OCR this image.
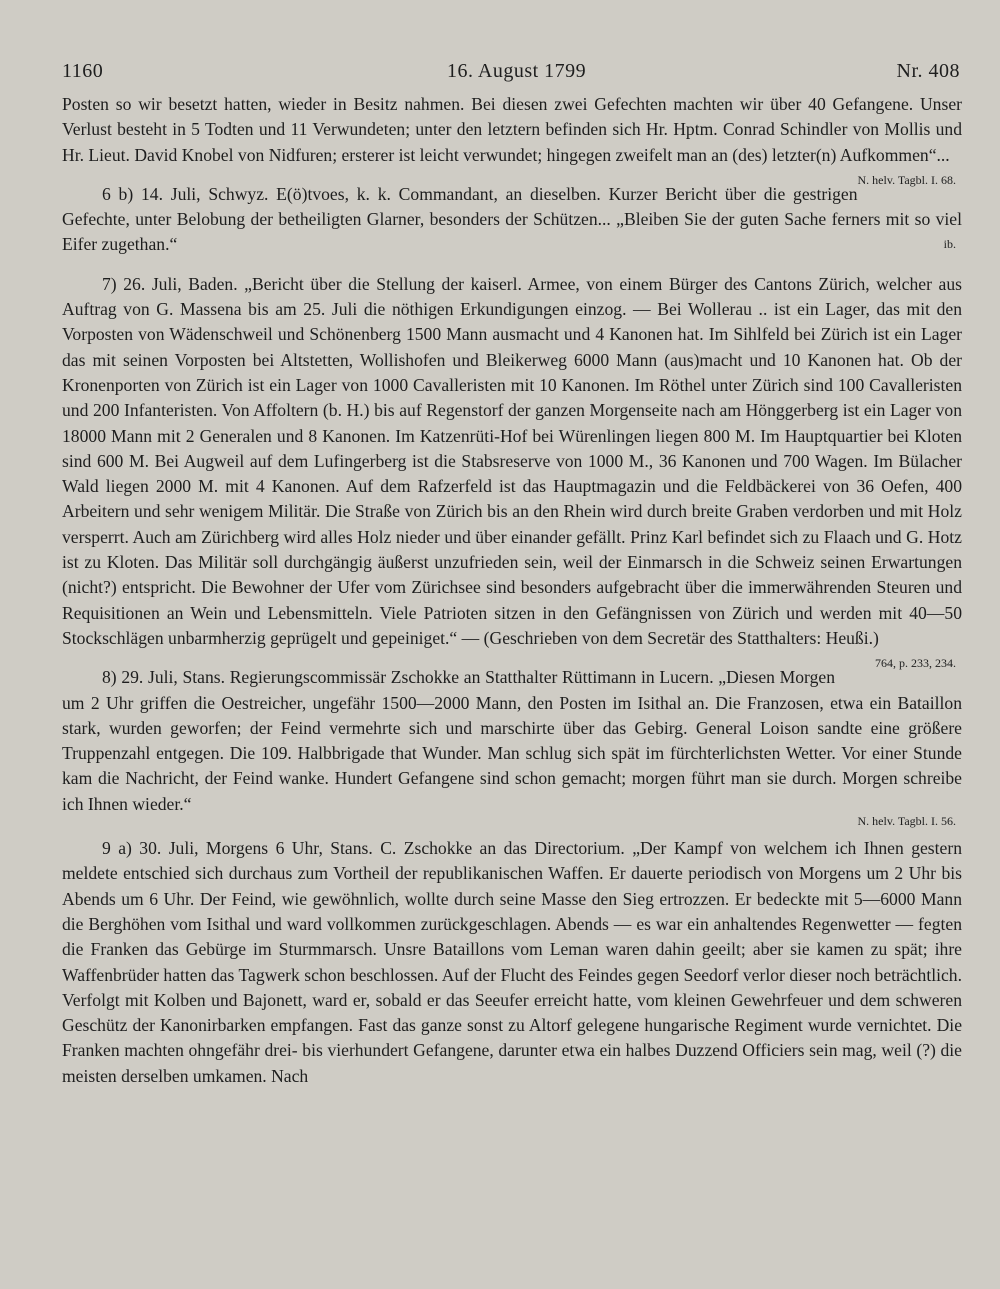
1160	16. August 1799	Nr. 408

Posten so wir besetzt hatten, wieder in Besitz nahmen. Bei diesen zwei Gefechten machten wir über 40 Gefangene. Unser Verlust besteht in 5 Todten und 11 Verwundeten; unter den letztern befinden sich Hr. Hptm. Conrad Schindler von Mollis und Hr. Lieut. David Knobel von Nidfuren; ersterer ist leicht verwundet; hingegen zweifelt man an (des) letzter(n) Aufkommen“...
N. helv. Tagbl. I. 68.

6 b) 14. Juli, Schwyz. E(ö)tvoes, k. k. Commandant, an dieselben. Kurzer Bericht über die gestrigen Gefechte, unter Belobung der betheiligten Glarner, besonders der Schützen... „Bleiben Sie der guten Sache ferners mit so viel Eifer zugethan.“	ib.

7) 26. Juli, Baden. „Bericht über die Stellung der kaiserl. Armee, von einem Bürger des Cantons Zürich, welcher aus Auftrag von G. Massena bis am 25. Juli die nöthigen Erkundigungen einzog. — Bei Wollerau .. ist ein Lager, das mit den Vorposten von Wädenschweil und Schönenberg 1500 Mann ausmacht und 4 Kanonen hat. Im Sihlfeld bei Zürich ist ein Lager das mit seinen Vorposten bei Altstetten, Wollishofen und Bleikerweg 6000 Mann (aus)macht und 10 Kanonen hat. Ob der Kronenporten von Zürich ist ein Lager von 1000 Cavalleristen mit 10 Kanonen. Im Röthel unter Zürich sind 100 Cavalleristen und 200 Infanteristen. Von Affoltern (b. H.) bis auf Regenstorf der ganzen Morgenseite nach am Hönggerberg ist ein Lager von 18000 Mann mit 2 Generalen und 8 Kanonen. Im Katzenrüti-Hof bei Würenlingen liegen 800 M. Im Hauptquartier bei Kloten sind 600 M. Bei Augweil auf dem Lufingerberg ist die Stabsreserve von 1000 M., 36 Kanonen und 700 Wagen. Im Bülacher Wald liegen 2000 M. mit 4 Kanonen. Auf dem Rafzerfeld ist das Hauptmagazin und die Feldbäckerei von 36 Oefen, 400 Arbeitern und sehr wenigem Militär. Die Straße von Zürich bis an den Rhein wird durch breite Graben verdorben und mit Holz versperrt. Auch am Zürichberg wird alles Holz nieder und über einander gefällt. Prinz Karl befindet sich zu Flaach und G. Hotz ist zu Kloten. Das Militär soll durchgängig äußerst unzufrieden sein, weil der Einmarsch in die Schweiz seinen Erwartungen (nicht?) entspricht. Die Bewohner der Ufer vom Zürichsee sind besonders aufgebracht über die immerwährenden Steuren und Requisitionen an Wein und Lebensmitteln. Viele Patrioten sitzen in den Gefängnissen von Zürich und werden mit 40—50 Stockschlägen unbarmherzig geprügelt und gepeiniget.“ — (Geschrieben von dem Secretär des Statthalters: Heußi.)
764, p. 233, 234.

8) 29. Juli, Stans. Regierungscommissär Zschokke an Statthalter Rüttimann in Lucern. „Diesen Morgen um 2 Uhr griffen die Oestreicher, ungefähr 1500—2000 Mann, den Posten im Isithal an. Die Franzosen, etwa ein Bataillon stark, wurden geworfen; der Feind vermehrte sich und marschirte über das Gebirg. General Loison sandte eine größere Truppenzahl entgegen. Die 109. Halbbrigade that Wunder. Man schlug sich spät im fürchterlichsten Wetter. Vor einer Stunde kam die Nachricht, der Feind wanke. Hundert Gefangene sind schon gemacht; morgen führt man sie durch. Morgen schreibe ich Ihnen wieder.“

N. helv. Tagbl. I. 56.

9 a) 30. Juli, Morgens 6 Uhr, Stans. C. Zschokke an das Directorium. „Der Kampf von welchem ich Ihnen gestern meldete entschied sich durchaus zum Vortheil der republikanischen Waffen. Er dauerte periodisch von Morgens um 2 Uhr bis Abends um 6 Uhr. Der Feind, wie gewöhnlich, wollte durch seine Masse den Sieg ertrozzen. Er bedeckte mit 5—6000 Mann die Berghöhen vom Isithal und ward vollkommen zurückgeschlagen. Abends — es war ein anhaltendes Regenwetter — fegten die Franken das Gebürge im Sturmmarsch. Unsre Bataillons vom Leman waren dahin geeilt; aber sie kamen zu spät; ihre Waffenbrüder hatten das Tagwerk schon beschlossen. Auf der Flucht des Feindes gegen Seedorf verlor dieser noch beträchtlich. Verfolgt mit Kolben und Bajonett, ward er, sobald er das Seeufer erreicht hatte, vom kleinen Gewehrfeuer und dem schweren Geschütz der Kanonirbarken empfangen. Fast das ganze sonst zu Altorf gelegene hungarische Regiment wurde vernichtet. Die Franken machten ohngefähr drei- bis vierhundert Gefangene, darunter etwa ein halbes Duzzend Officiers sein mag, weil (?) die meisten derselben umkamen. Nach
